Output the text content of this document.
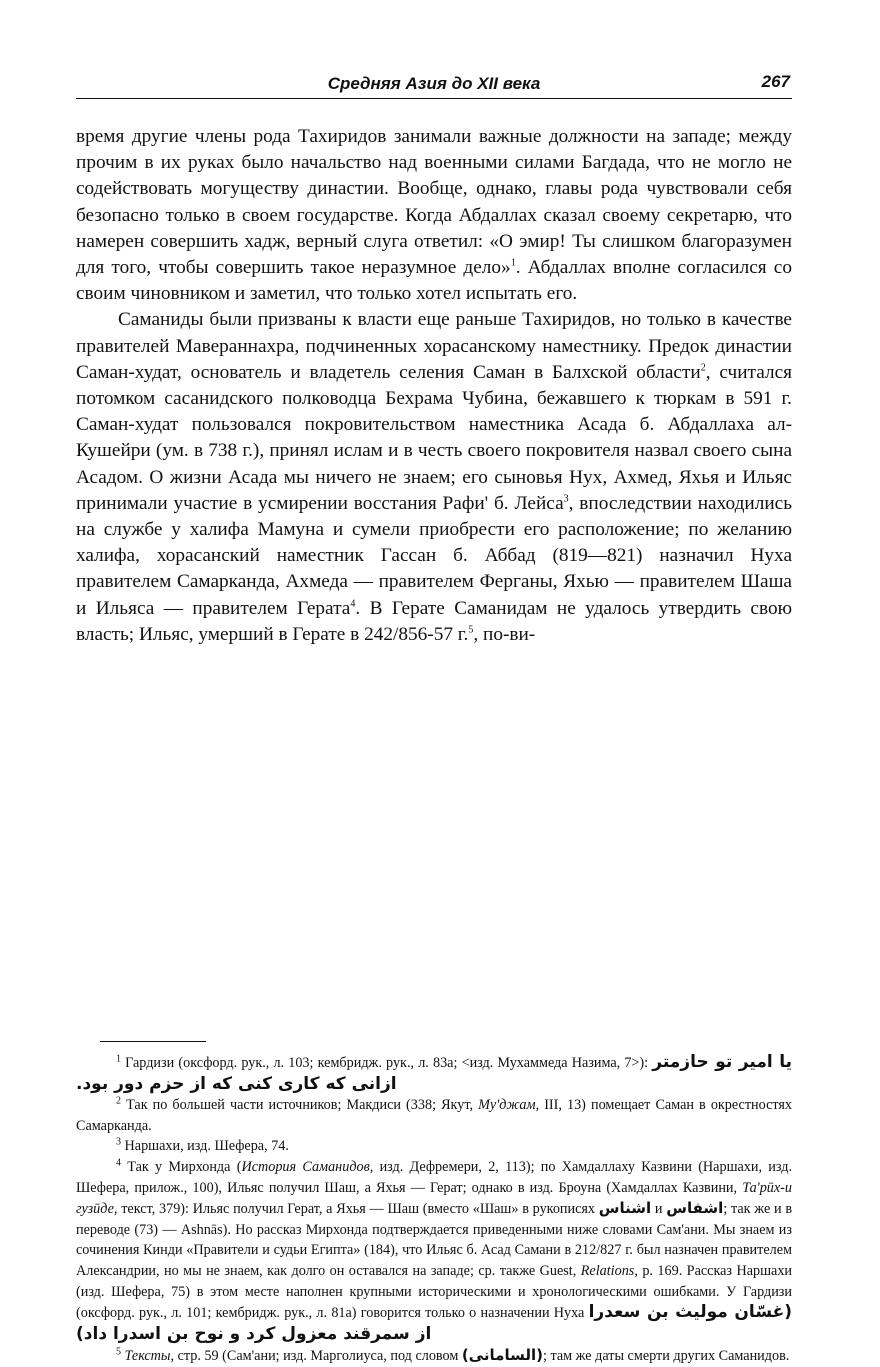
Средняя Азия до XII века	267

время другие члены рода Тахиридов занимали важные должности на западе; между прочим в их руках было начальство над военными силами Багдада, что не могло не содействовать могуществу династии. Вообще, однако, главы рода чувствовали себя безопасно только в своем государстве. Когда Абдаллах сказал своему секретарю, что намерен совершить хадж, верный слуга ответил: «О эмир! Ты слишком благоразумен для того, чтобы совершить такое неразумное дело»$^1$. Абдаллах вполне согласился со своим чиновником и заметил, что только хотел испытать его.

Саманиды были призваны к власти еще раньше Тахиридов, но только в качестве правителей Мавераннахра, подчиненных хорасанскому наместнику. Предок династии Саман-худат, основатель и владетель селения Саман в Балхской области$^2$, считался потомком сасанидского полководца Бехрама Чубина, бежавшего к тюркам в 591 г. Саман-худат пользовался покровительством наместника Асада б. Абдаллаха ал-Кушейри (ум. в 738 г.), принял ислам и в честь своего покровителя назвал своего сына Асадом. О жизни Асада мы ничего не знаем; его сыновья Нух, Ахмед, Яхья и Ильяс принимали участие в усмирении восстания Рафи' б. Лейса$^3$, впоследствии находились на службе у халифа Мамуна и сумели приобрести его расположение; по желанию халифа, хорасанский наместник Гассан б. Аббад (819—821) назначил Нуха правителем Самарканда, Ахмеда — правителем Ферганы, Яхью — правителем Шаша и Ильяса — правителем Герата$^4$. В Герате Саманидам не удалось утвердить свою власть; Ильяс, умерший в Герате в 242/856-57 г.$^5$, по-ви-

$^1$ Гардизи (оксфорд. рук., л. 103; кембридж. рук., л. 83а; <изд. Мухаммеда Назима, 7>): یا امیر تو حازمتر ازانی که کاری کنی که از حزم دور بود.

$^2$ Так по большей части источников; Макдиси (338; Якут, Му'джам, III, 13) помещает Саман в окрестностях Самарканда.

$^3$ Наршахи, изд. Шефера, 74.

$^4$ Так у Мирхонда (История Саманидов, изд. Дефремери, 2, 113); по Хамдаллаху Казвини (Наршахи, изд. Шефера, прилож., 100), Ильяс получил Шаш, а Яхья — Герат; однако в изд. Броуна (Хамдаллах Казвини, Та'рӣх-и гузӣде, текст, 379): Ильяс получил Герат, а Яхья — Шаш (вместо «Шаш» в рукописях اشناس и اشفاس; так же и в переводе (73) — Ashnās). Но рассказ Мирхонда подтверждается приведенными ниже словами Сам'ани. Мы знаем из сочинения Кинди «Правители и судьи Египта» (184), что Ильяс б. Асад Самани в 212/827 г. был назначен правителем Александрии, но мы не знаем, как долго он оставался на западе; ср. также Guest, Relations, p. 169. Рассказ Наршахи (изд. Шефера, 75) в этом месте наполнен крупными историческими и хронологическими ошибками. У Гардизи (оксфорд. рук., л. 101; кембридж. рук., л. 81а) говорится только о назначении Нуха (غسّان مولیث بن سعدرا از سمرقند معزول کرد و نوح بن اسدرا داد)

$^5$ Тексты, стр. 59 (Сам'ани; изд. Марголиуса, под словом (السامانی); там же даты смерти других Саманидов.
